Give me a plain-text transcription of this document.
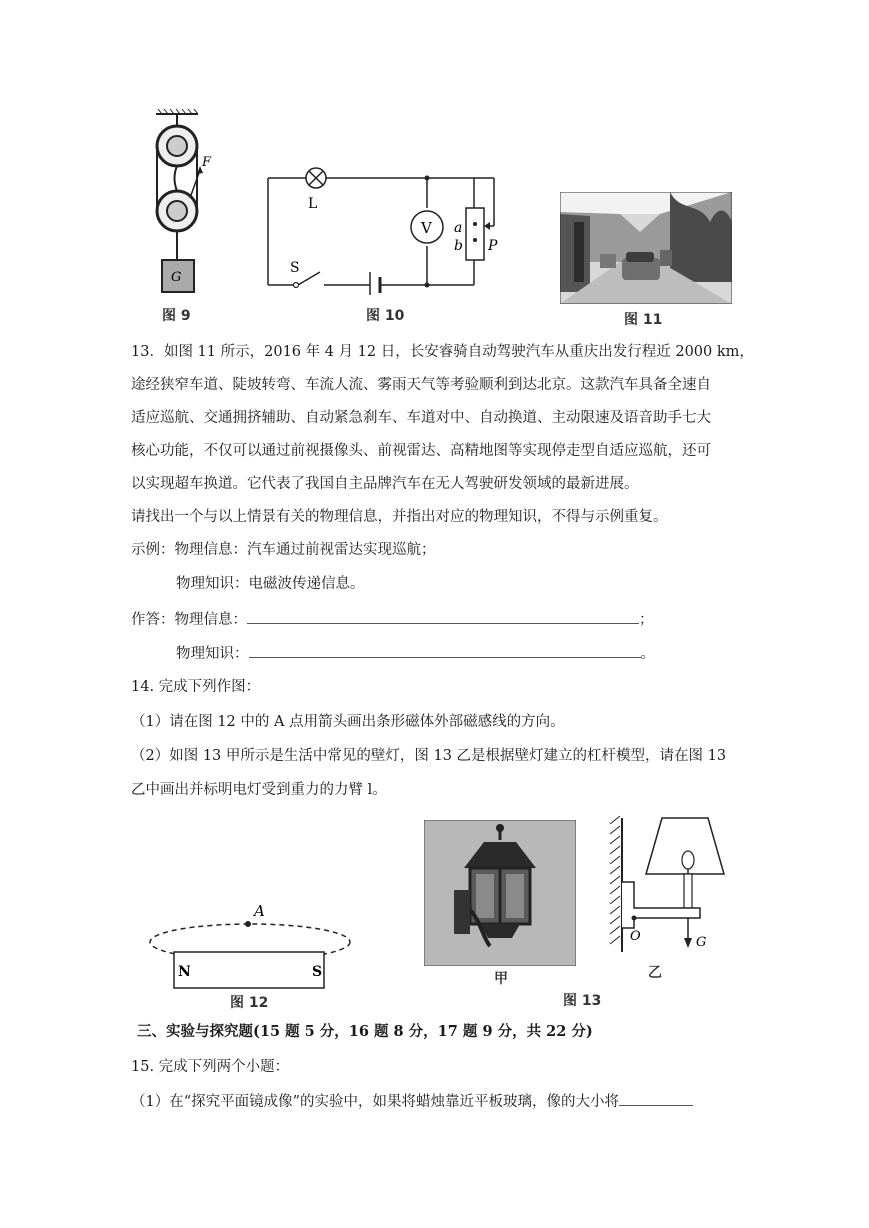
F
G
图 9
V
L
S
a
b P
图 10	图 11
13．如图 11 所示，2016 年 4 月 12 日，长安睿骑自动驾驶汽车从重庆出发行程近 2000 km，
途经狭窄车道、陡坡转弯、车流人流、雾雨天气等考验顺利到达北京。这款汽车具备全速自
适应巡航、交通拥挤辅助、自动紧急刹车、车道对中、自动换道、主动限速及语音助手七大
核心功能，不仅可以通过前视摄像头、前视雷达、高精地图等实现停走型自适应巡航，还可
以实现超车换道。它代表了我国自主品牌汽车在无人驾驶研发领域的最新进展。
请找出一个与以上情景有关的物理信息，并指出对应的物理知识，不得与示例重复。
示例：物理信息：汽车通过前视雷达实现巡航；
物理知识：电磁波传递信息。
作答：物理信息：	；
物理知识：	。
14. 完成下列作图：
（1）请在图 12 中的 A 点用箭头画出条形磁体外部磁感线的方向。
（2）如图 13 甲所示是生活中常见的壁灯，图 13 乙是根据壁灯建立的杠杆模型，请在图 13
乙中画出并标明电灯受到重力的力臂 l。
A
N	S
图 12
甲
O	G
乙
图 13
三、实验与探究题(15 题 5 分，16 题 8 分，17 题 9 分，共 22 分)
15. 完成下列两个小题：
（1）在“探究平面镜成像”的实验中，如果将蜡烛靠近平板玻璃，像的大小将
